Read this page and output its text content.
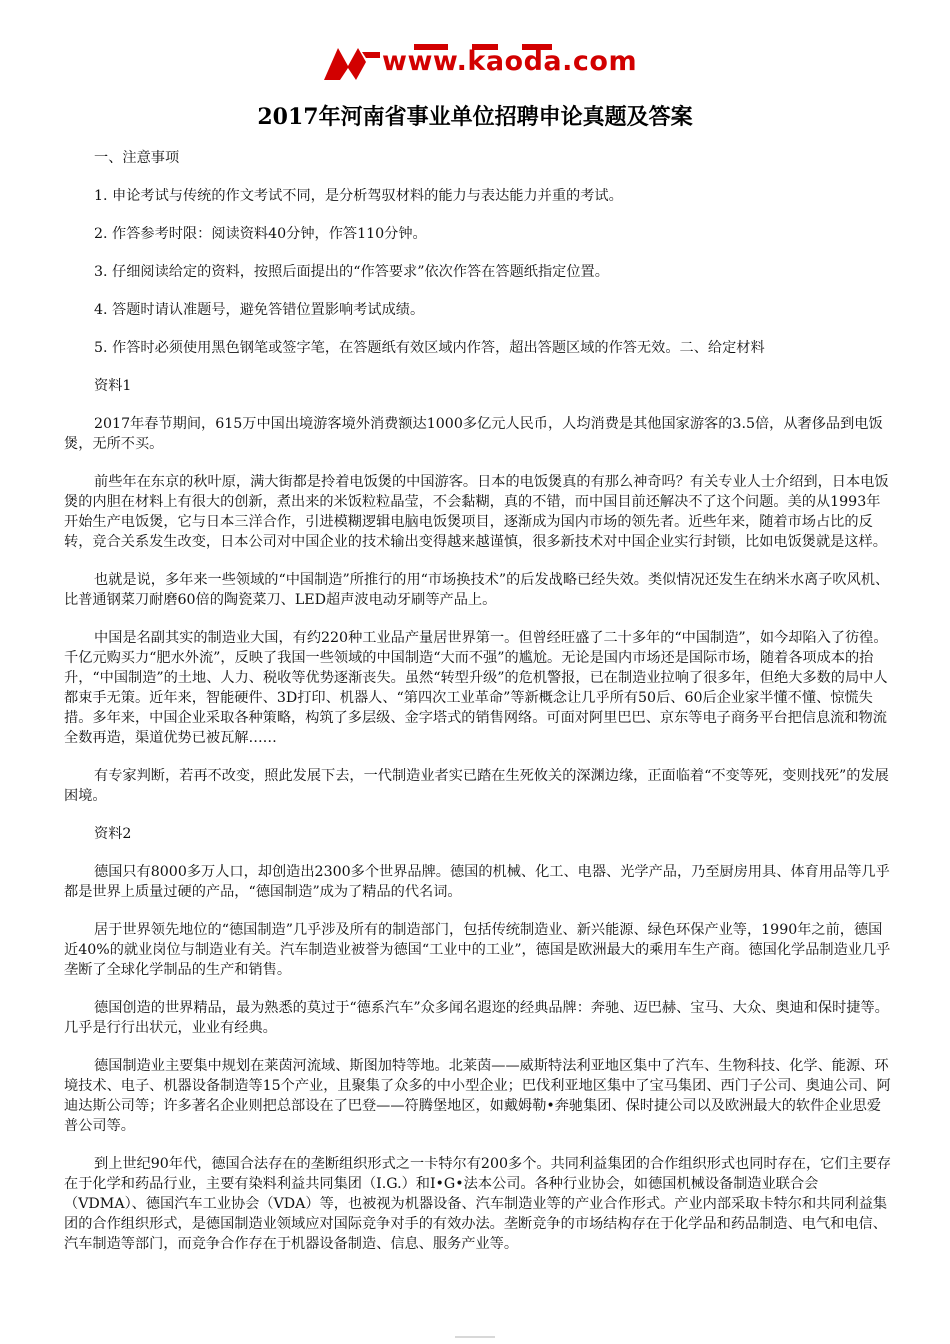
www.kaoda.com
2017年河南省事业单位招聘申论真题及答案

一、注意事项

1. 申论考试与传统的作文考试不同，是分析驾驭材料的能力与表达能力并重的考试。

2. 作答参考时限：阅读资料40分钟，作答110分钟。

3. 仔细阅读给定的资料，按照后面提出的“作答要求”依次作答在答题纸指定位置。

4. 答题时请认准题号，避免答错位置影响考试成绩。

5. 作答时必须使用黑色钢笔或签字笔，在答题纸有效区域内作答，超出答题区域的作答无效。二、给定材料

资料1

2017年春节期间，615万中国出境游客境外消费额达1000多亿元人民币，人均消费是其他国家游客的3.5倍，从奢侈品到电饭煲，无所不买。

前些年在东京的秋叶原，满大街都是拎着电饭煲的中国游客。日本的电饭煲真的有那么神奇吗？有关专业人士介绍到，日本电饭煲的内胆在材料上有很大的创新，煮出来的米饭粒粒晶莹，不会黏糊，真的不错，而中国目前还解决不了这个问题。美的从1993年开始生产电饭煲，它与日本三洋合作，引进模糊逻辑电脑电饭煲项目，逐渐成为国内市场的领先者。近些年来，随着市场占比的反转，竞合关系发生改变，日本公司对中国企业的技术输出变得越来越谨慎，很多新技术对中国企业实行封锁，比如电饭煲就是这样。

也就是说，多年来一些领域的“中国制造”所推行的用“市场换技术”的后发战略已经失效。类似情况还发生在纳米水离子吹风机、比普通钢菜刀耐磨60倍的陶瓷菜刀、LED超声波电动牙刷等产品上。

中国是名副其实的制造业大国，有约220种工业品产量居世界第一。但曾经旺盛了二十多年的“中国制造”，如今却陷入了彷徨。千亿元购买力“肥水外流”，反映了我国一些领域的中国制造“大而不强”的尴尬。无论是国内市场还是国际市场，随着各项成本的抬升，“中国制造”的土地、人力、税收等优势逐渐丧失。虽然“转型升级”的危机警报，已在制造业拉响了很多年，但绝大多数的局中人都束手无策。近年来，智能硬件、3D打印、机器人、“第四次工业革命”等新概念让几乎所有50后、60后企业家半懂不懂、惊慌失措。多年来，中国企业采取各种策略，构筑了多层级、金字塔式的销售网络。可面对阿里巴巴、京东等电子商务平台把信息流和物流全数再造，渠道优势已被瓦解……

有专家判断，若再不改变，照此发展下去，一代制造业者实已踏在生死攸关的深渊边缘，正面临着“不变等死，变则找死”的发展困境。

资料2

德国只有8000多万人口，却创造出2300多个世界品牌。德国的机械、化工、电器、光学产品，乃至厨房用具、体育用品等几乎都是世界上质量过硬的产品，“德国制造”成为了精品的代名词。

居于世界领先地位的“德国制造”几乎涉及所有的制造部门，包括传统制造业、新兴能源、绿色环保产业等，1990年之前，德国近40%的就业岗位与制造业有关。汽车制造业被誉为德国“工业中的工业”，德国是欧洲最大的乘用车生产商。德国化学品制造业几乎垄断了全球化学制品的生产和销售。

德国创造的世界精品，最为熟悉的莫过于“德系汽车”众多闻名遐迩的经典品牌：奔驰、迈巴赫、宝马、大众、奥迪和保时捷等。几乎是行行出状元，业业有经典。

德国制造业主要集中规划在莱茵河流域、斯图加特等地。北莱茵——威斯特法利亚地区集中了汽车、生物科技、化学、能源、环境技术、电子、机器设备制造等15个产业，且聚集了众多的中小型企业；巴伐利亚地区集中了宝马集团、西门子公司、奥迪公司、阿迪达斯公司等；许多著名企业则把总部设在了巴登——符腾堡地区，如戴姆勒•奔驰集团、保时捷公司以及欧洲最大的软件企业思爱普公司等。

到上世纪90年代，德国合法存在的垄断组织形式之一卡特尔有200多个。共同利益集团的合作组织形式也同时存在，它们主要存在于化学和药品行业，主要有染料利益共同集团（I.G.）和I•G•法本公司。各种行业协会，如德国机械设备制造业联合会（VDMA）、德国汽车工业协会（VDA）等，也被视为机器设备、汽车制造业等的产业合作形式。产业内部采取卡特尔和共同利益集团的合作组织形式，是德国制造业领域应对国际竞争对手的有效办法。垄断竞争的市场结构存在于化学品和药品制造、电气和电信、汽车制造等部门，而竞争合作存在于机器设备制造、信息、服务产业等。
